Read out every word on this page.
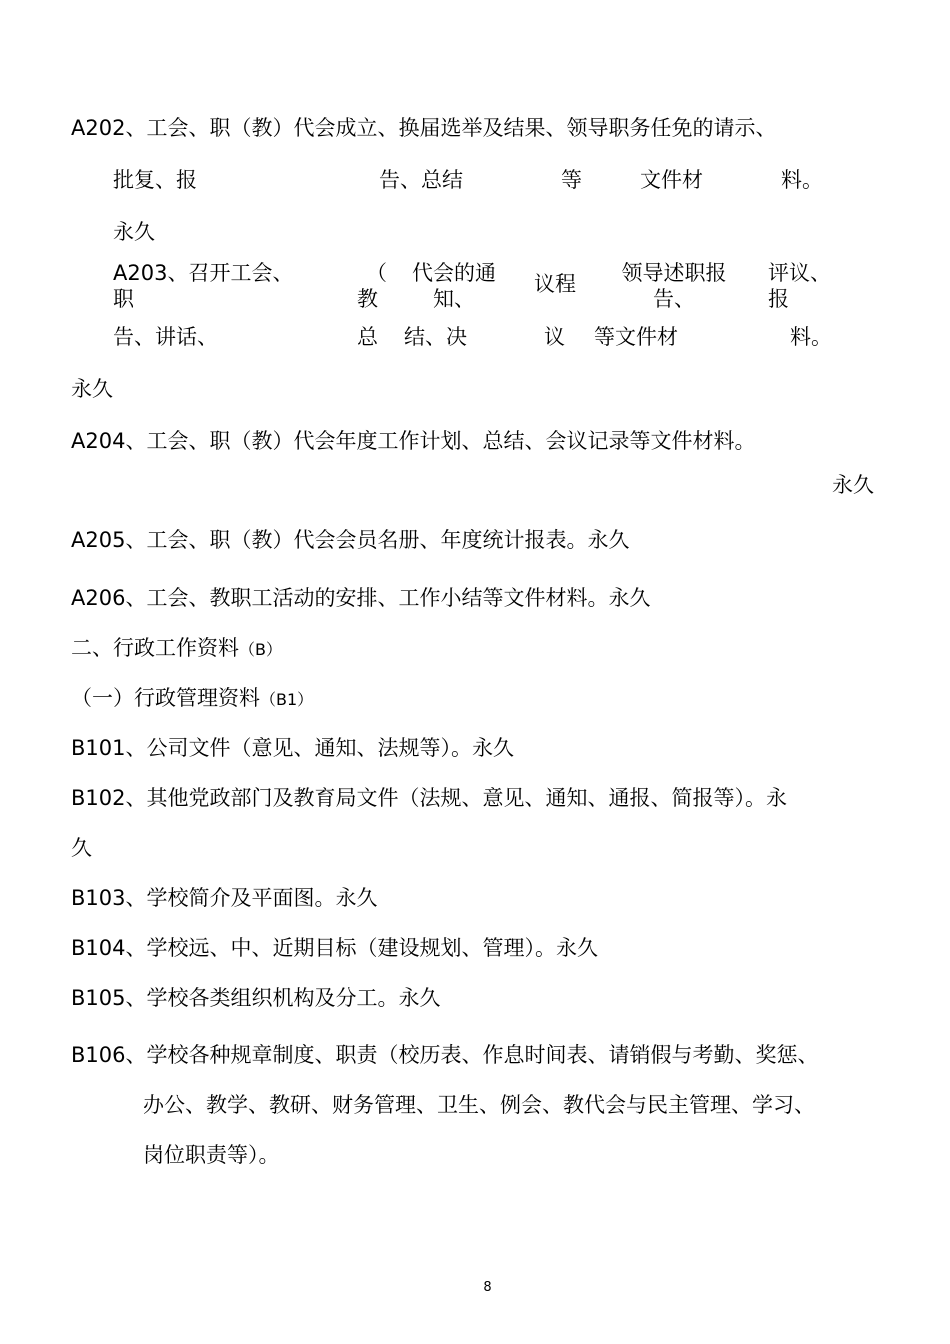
A202、工会、职（教）代会成立、换届选举及结果、领导职务任免的请示、
批复、报	告、总结	等	文件材	料。
永久
A203、召开工会、
职
（
教
代会的通
知、
议程	领导述职报
告、
评议、
报
告、讲话、	总 结、决	议 等文件材	料。
永久
A204、工会、职（教）代会年度工作计划、总结、会议记录等文件材料。
永久
A205、工会、职（教）代会会员名册、年度统计报表。永久
A206、工会、教职工活动的安排、工作小结等文件材料。永久
二、行政工作资料（B）
（一）行政管理资料（B1）
B101、公司文件（意见、通知、法规等）。永久
B102、其他党政部门及教育局文件（法规、意见、通知、通报、简报等）。永
久
B103、学校简介及平面图。永久
B104、学校远、中、近期目标（建设规划、管理）。永久
B105、学校各类组织机构及分工。永久
B106、学校各种规章制度、职责（校历表、作息时间表、请销假与考勤、奖惩、
办公、教学、教研、财务管理、卫生、例会、教代会与民主管理、学习、
岗位职责等）。
8
